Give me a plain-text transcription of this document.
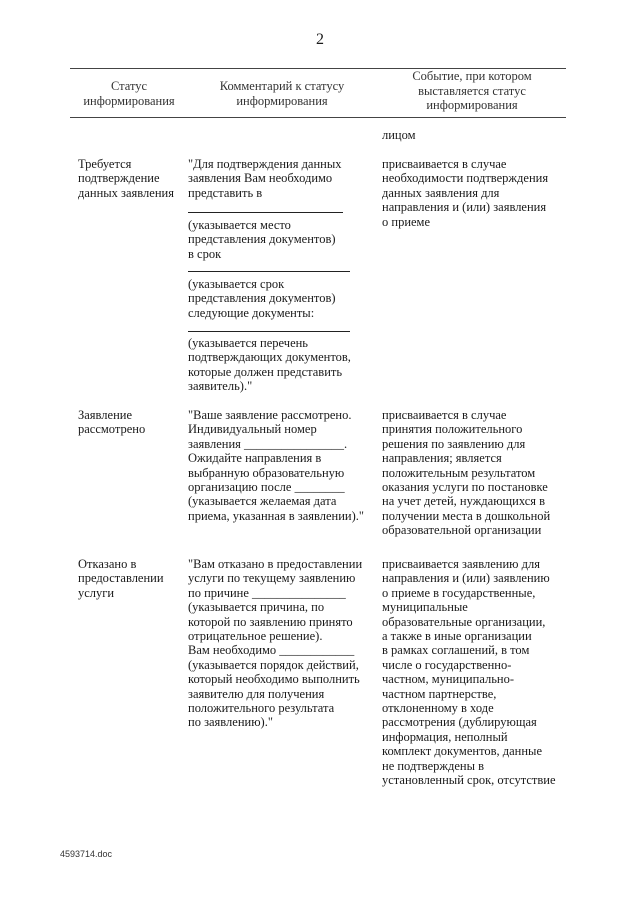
2
Статус
информирования
Комментарий к статусу
информирования
Событие, при котором
выставляется статус
информирования
лицом
Требуется
подтверждение
данных заявления
"Для подтверждения данных
заявления Вам необходимо
представить в
(указывается место
представления документов)
в срок
(указывается срок
представления документов)
следующие документы:
(указывается перечень
подтверждающих документов,
которые должен представить
заявитель)."
присваивается в случае
необходимости подтверждения
данных заявления для
направления и (или) заявления
о приеме
Заявление
рассмотрено
"Ваше заявление рассмотрено.
Индивидуальный номер
заявления ________________.
Ожидайте направления в
выбранную образовательную
организацию после ________
(указывается желаемая дата
приема, указанная в заявлении)."
присваивается в случае
принятия положительного
решения по заявлению для
направления; является
положительным результатом
оказания услуги по постановке
на учет детей, нуждающихся в
получении места в дошкольной
образовательной организации
Отказано в
предоставлении
услуги
"Вам отказано в предоставлении
услуги по текущему заявлению
по причине _______________
(указывается причина, по
которой по заявлению принято
отрицательное решение).
Вам необходимо ____________
(указывается порядок действий,
который необходимо выполнить
заявителю для получения
положительного результата
по заявлению)."
присваивается заявлению для
направления и (или) заявлению
о приеме в государственные,
муниципальные
образовательные организации,
а также в иные организации
в рамках соглашений, в том
числе о государственно-
частном, муниципально-
частном партнерстве,
отклоненному в ходе
рассмотрения (дублирующая
информация, неполный
комплект документов, данные
не подтверждены в
установленный срок, отсутствие
4593714.doc
